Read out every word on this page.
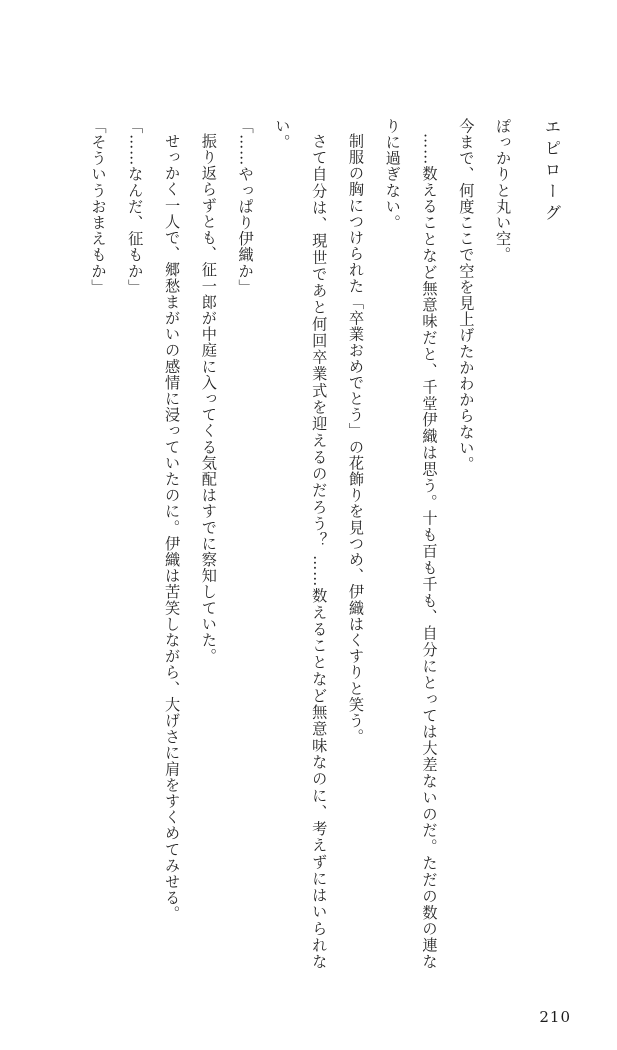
エピローグ

ぽっかりと丸い空。

今まで、何度ここで空を見上げたかわからない。

……数えることなど無意味だと、千堂伊織は思う。十も百も千も、自分にとっては大差ないのだ。ただの数の連なりに過ぎない。

制服の胸につけられた「卒業おめでとう」の花飾りを見つめ、伊織はくすりと笑う。

さて自分は、現世であと何回卒業式を迎えるのだろう？ ……数えることなど無意味なのに、考えずにはいられない。

「……やっぱり伊織か」

振り返らずとも、征一郎が中庭に入ってくる気配はすでに察知していた。

せっかく一人で、郷愁まがいの感情に浸っていたのに。伊織は苦笑しながら、大げさに肩をすくめてみせる。

「……なんだ、征もか」

「そういうおまえもか」

210
